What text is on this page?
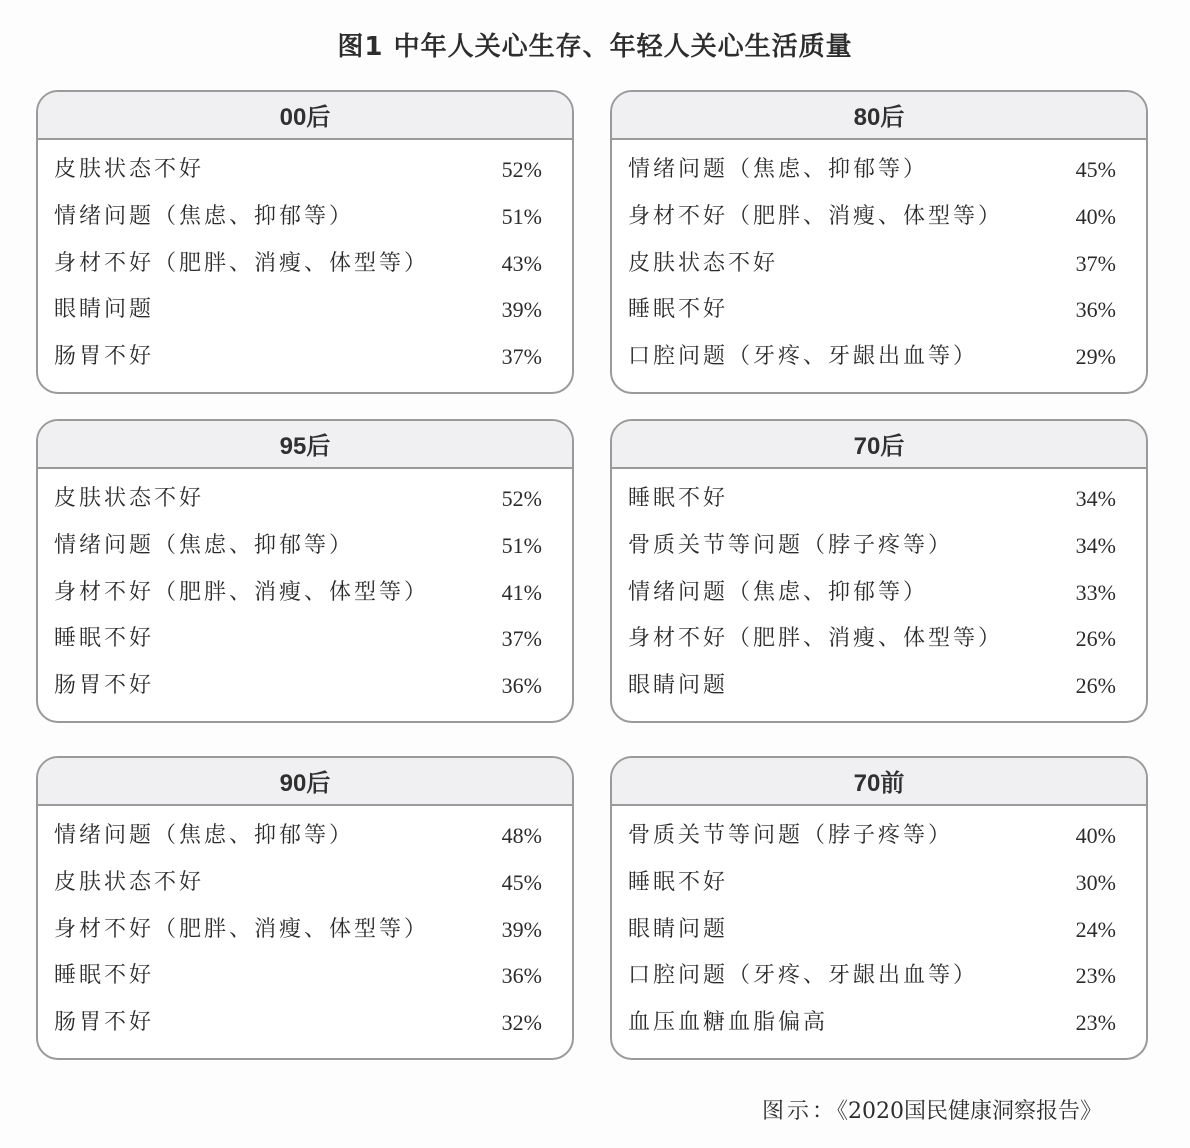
图1 中年人关心生存、年轻人关心生活质量
00后
皮肤状态不好	52%
情绪问题（焦虑、抑郁等）	51%
身材不好（肥胖、消瘦、体型等）	43%
眼睛问题	39%
肠胃不好	37%
80后
情绪问题（焦虑、抑郁等）	45%
身材不好（肥胖、消瘦、体型等）	40%
皮肤状态不好	37%
睡眠不好	36%
口腔问题（牙疼、牙龈出血等）	29%
95后
皮肤状态不好	52%
情绪问题（焦虑、抑郁等）	51%
身材不好（肥胖、消瘦、体型等）	41%
睡眠不好	37%
肠胃不好	36%
70后
睡眠不好	34%
骨质关节等问题（脖子疼等）	34%
情绪问题（焦虑、抑郁等）	33%
身材不好（肥胖、消瘦、体型等）	26%
眼睛问题	26%
90后
情绪问题（焦虑、抑郁等）	48%
皮肤状态不好	45%
身材不好（肥胖、消瘦、体型等）	39%
睡眠不好	36%
肠胃不好	32%
70前
骨质关节等问题（脖子疼等）	40%
睡眠不好	30%
眼睛问题	24%
口腔问题（牙疼、牙龈出血等）	23%
血压血糖血脂偏高	23%
图示：《2020国民健康洞察报告》
